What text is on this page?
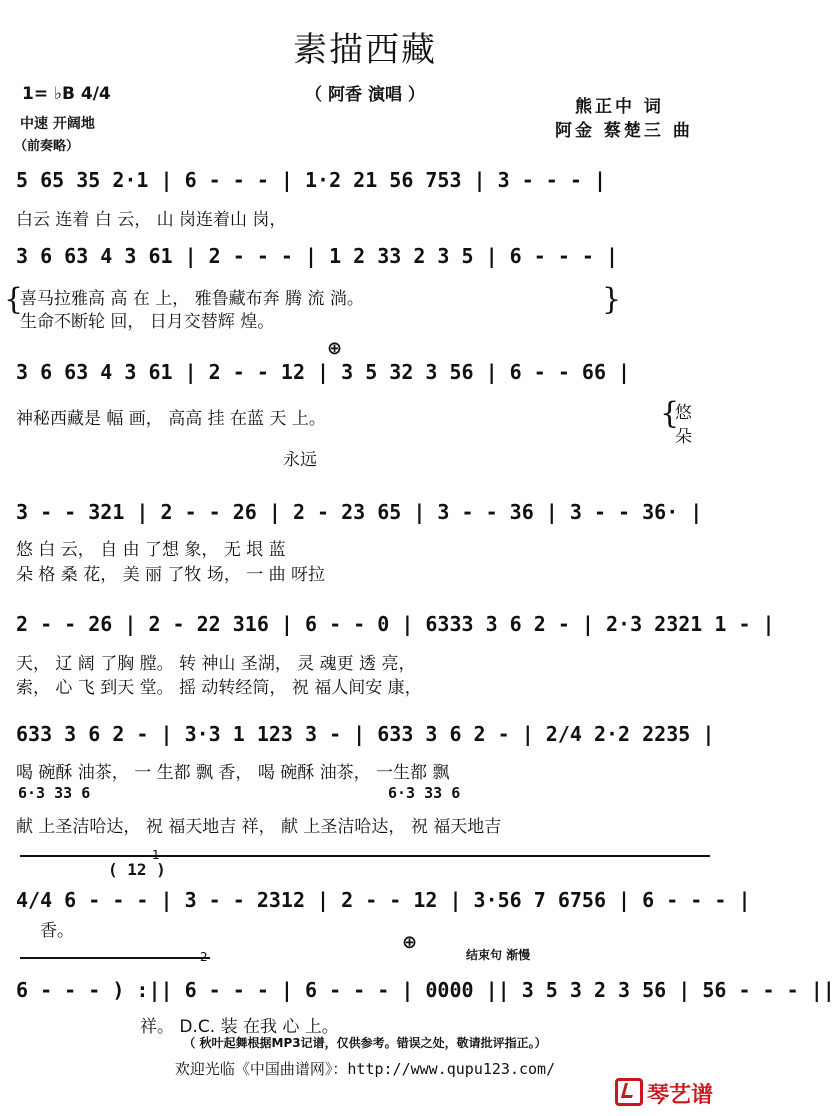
素描西藏
（ 阿香 演唱 ）
1= ♭B 4/4
中速 开阔地
（前奏略）
熊正中 词
阿金 蔡楚三 曲
5 65 35 2·1 | 6 - - - | 1·2 21 56 753 | 3 - - - |
白云 连着 白 云， 山 岗连着山 岗，
3 6 63 4 3 61 | 2 - - - | 1 2 33 2 3 5 | 6 - - - |
{
喜马拉雅高 高 在 上， 雅鲁藏布奔 腾 流 淌。
生命不断轮 回， 日月交替辉 煌。
}
⊕
3 6 63 4 3 61 | 2 - - 12 | 3 5 32 3 56 | 6 - - 66 |
神秘西藏是 幅 画， 高高 挂 在蓝 天 上。
永远
{
悠
朵
3 - - 321 | 2 - - 26 | 2 - 23 65 | 3 - - 36 | 3 - - 36· |
悠 白 云， 自 由 了想 象， 无 垠 蓝
朵 格 桑 花， 美 丽 了牧 场， 一 曲 呀拉
2 - - 26 | 2 - 22 316 | 6 - - 0 | 6333 3 6 2 - | 2·3 2321 1 - |
天， 辽 阔 了胸 膛。 转 神山 圣湖， 灵 魂更 透 亮，
索， 心 飞 到天 堂。 摇 动转经筒， 祝 福人间安 康，
633 3 6 2 - | 3·3 1 123 3 - | 633 3 6 2 - | 2/4 2·2 2235 |
喝 碗酥 油茶， 一 生都 飘 香， 喝 碗酥 油茶， 一生都 飘
6·3 33 6	6·3 33 6
献 上圣洁哈达， 祝 福天地吉 祥， 献 上圣洁哈达， 祝 福天地吉
1
( 12 )
4/4 6 - - - | 3 - - 2312 | 2 - - 12 | 3·56 7 6756 | 6 - - - |
香。
2
⊕
结束句 渐慢
6 - - - ) :|| 6 - - - | 6 - - - | 0000 || 3 5 3 2 3 56 | 56 - - - ||
祥。 D.C. 装 在我 心 上。
（ 秋叶起舞根据MP3记谱，仅供参考。错误之处，敬请批评指正。）
欢迎光临《中国曲谱网》：http://www.qupu123.com/
琴艺谱
